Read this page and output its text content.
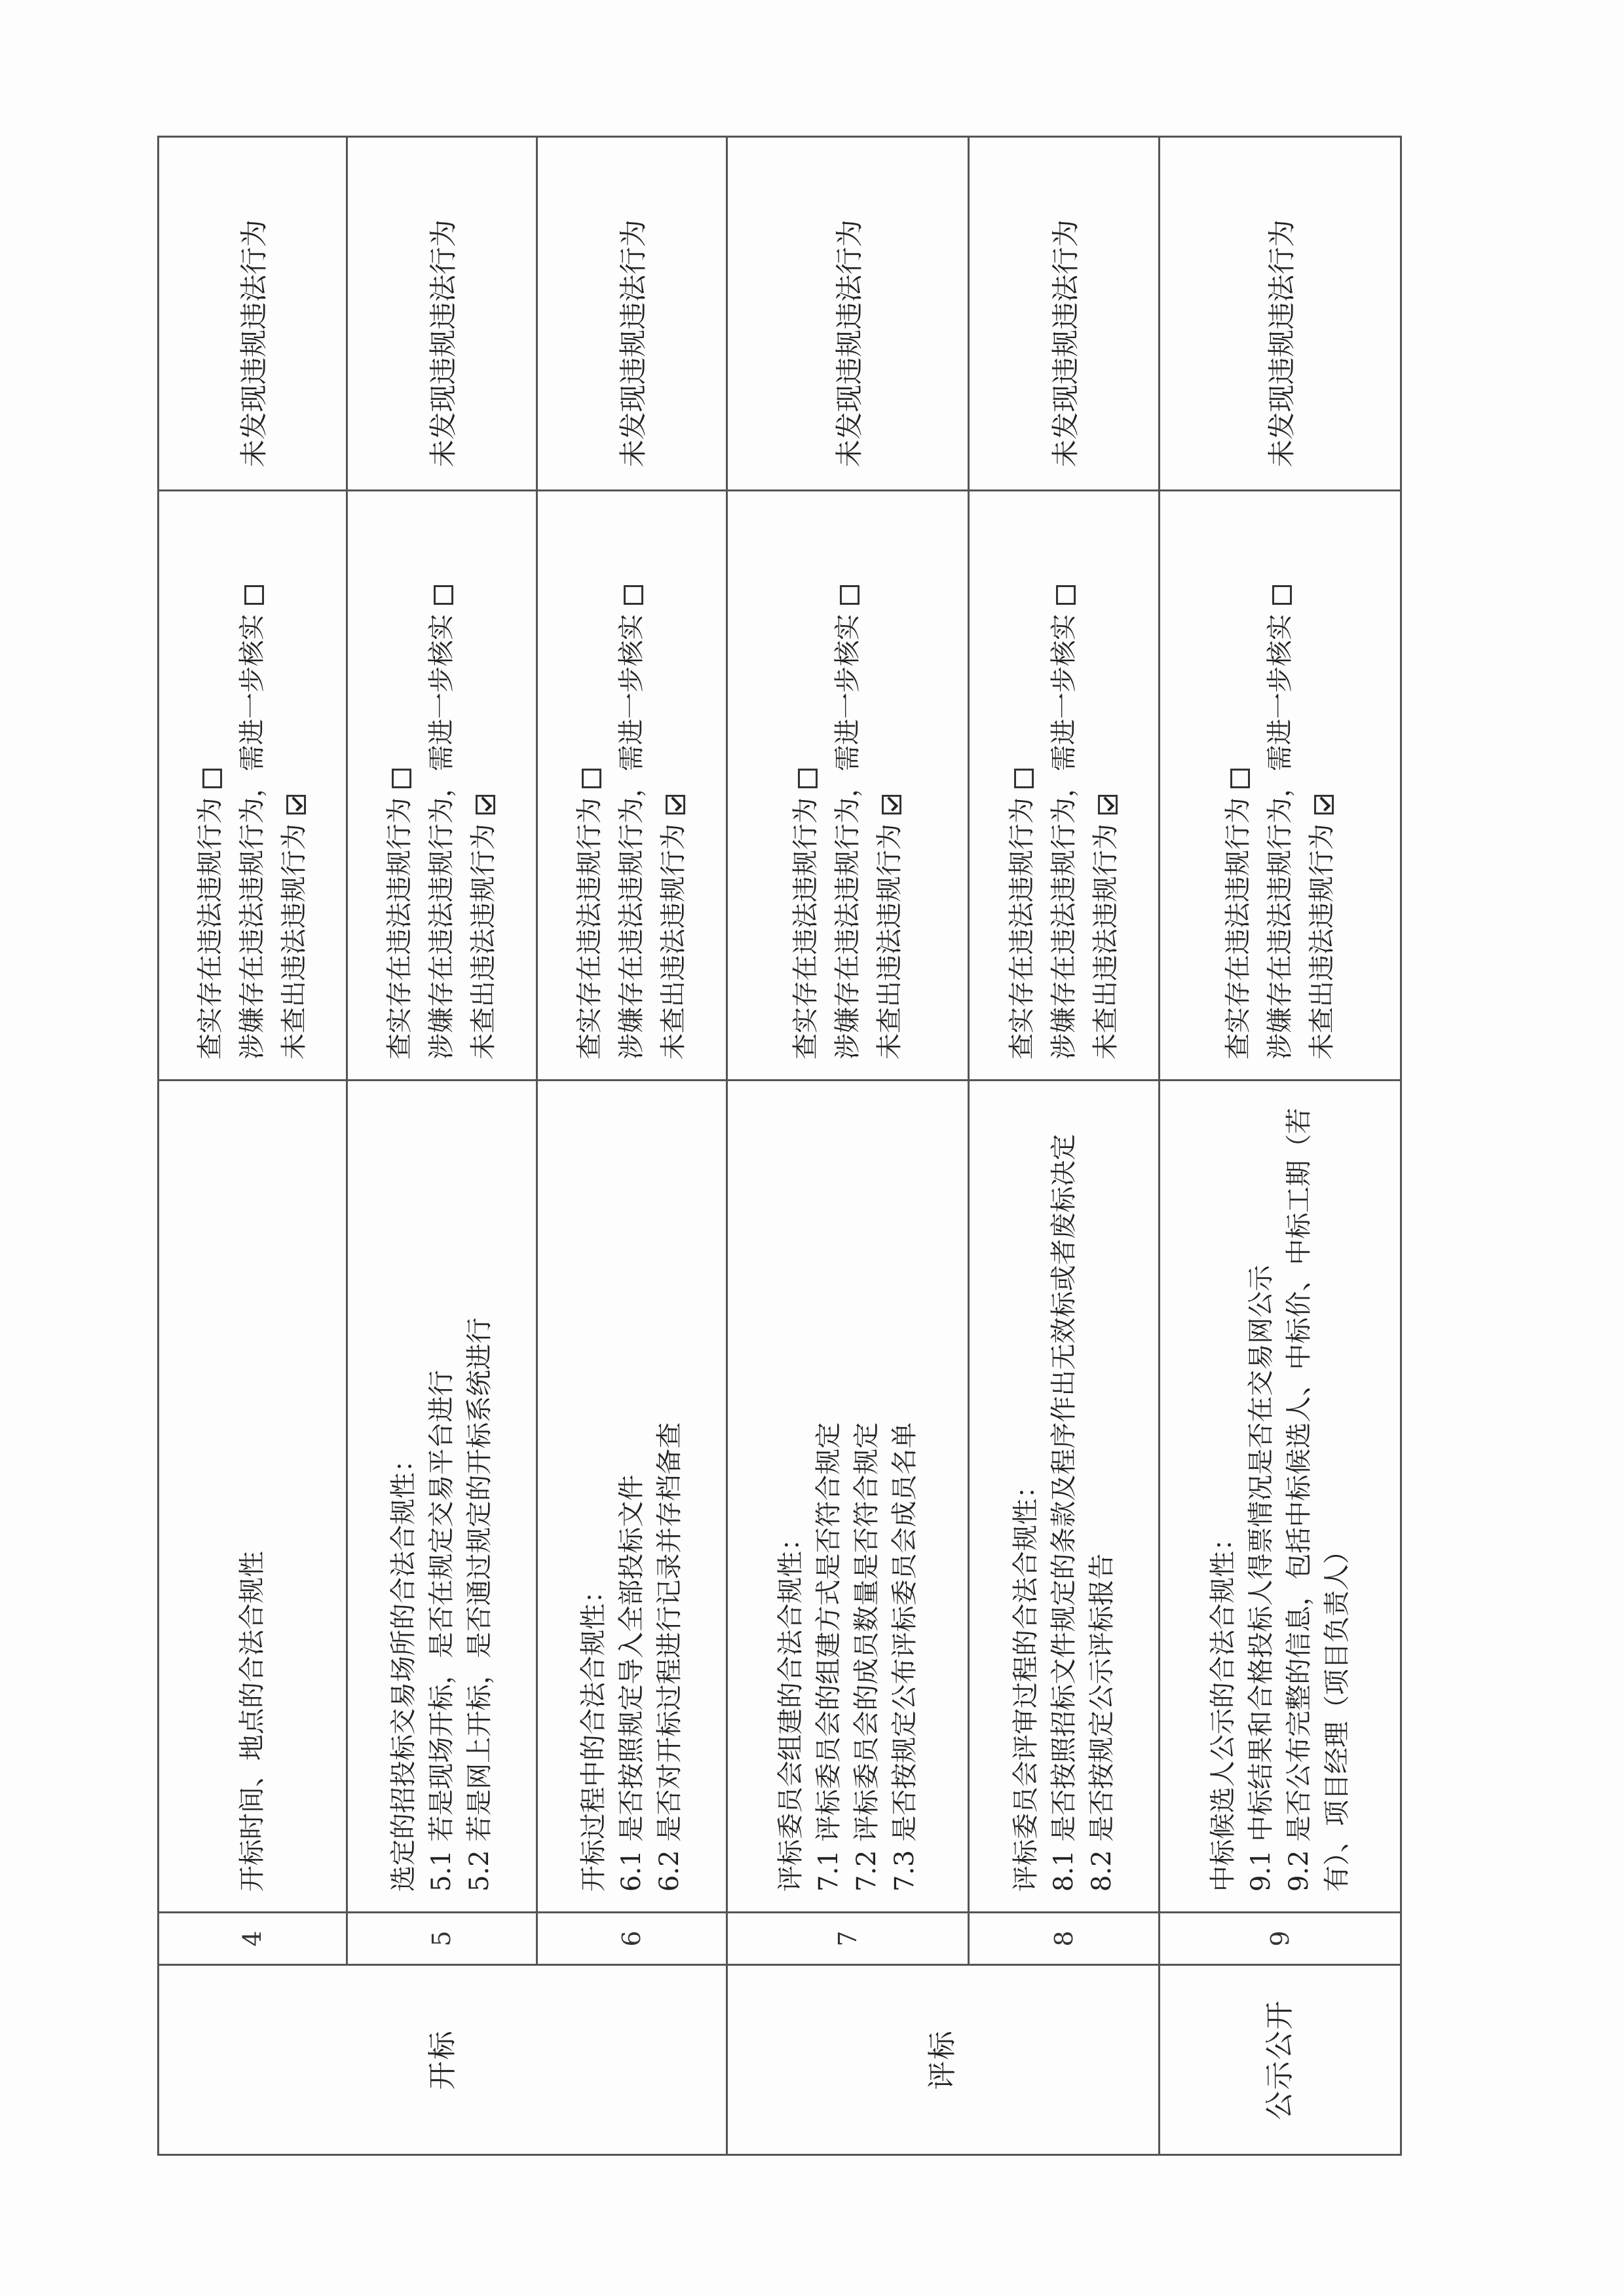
开标	4	开标时间、地点的合法合规性	查实存在违法违规行为 涉嫌存在违法违规行为，需进一步核实 未查出违法违规行为	未发现违规违法行为
	5	选定的招投标交易场所的合法合规性： 5.1 若是现场开标，是否在规定交易平台进行 5.2 若是网上开标，是否通过规定的开标系统进行	查实存在违法违规行为 涉嫌存在违法违规行为，需进一步核实 未查出违法违规行为	未发现违规违法行为
	6	开标过程中的合法合规性： 6.1 是否按照规定导入全部投标文件 6.2 是否对开标过程进行记录并存档备查	查实存在违法违规行为 涉嫌存在违法违规行为，需进一步核实 未查出违法违规行为	未发现违规违法行为
评标	7	评标委员会组建的合法合规性： 7.1 评标委员会的组建方式是否符合规定 7.2 评标委员会的成员数量是否符合规定 7.3 是否按规定公布评标委员会成员名单	查实存在违法违规行为 涉嫌存在违法违规行为，需进一步核实 未查出违法违规行为	未发现违规违法行为
	8	评标委员会评审过程的合法合规性： 8.1 是否按照招标文件规定的条款及程序作出无效标或者废标决定 8.2 是否按规定公示评标报告	查实存在违法违规行为 涉嫌存在违法违规行为，需进一步核实 未查出违法违规行为	未发现违规违法行为
公示公开	9	中标候选人公示的合法合规性： 9.1 中标结果和合格投标人得票情况是否在交易网公示 9.2 是否公布完整的信息，包括中标候选人、中标价、中标工期（若有）、项目经理（项目负责人）	查实存在违法违规行为 涉嫌存在违法违规行为，需进一步核实 未查出违法违规行为	未发现违规违法行为
